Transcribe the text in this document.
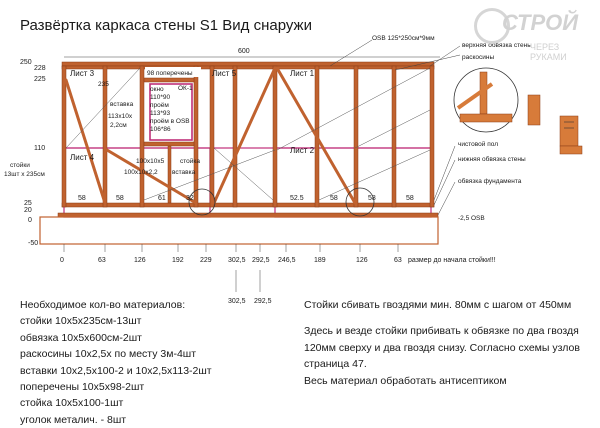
Развёртка каркаса стены S1 Вид снаружи
600
250
228
225
110
25
20
0
-50
Лист 3	Лист 5	Лист 1
Лист 4
Лист 2
98 поперечены
ОК-1
окно
110*90
проём
113*93
проём в OSB
106*86
вставка
113х10х
2,2см
235
стойки
13шт х 235см
100х10х5 стойка
100х10х2,2 вставка
58	58	61	32	52.5	58	58	58
OSB 125*250см*9мм
верхняя обвязка стены
раскосины
чистовой пол
нижняя обвязка стены
обвязка фундамента
-2,5 OSB
0	63	126	192 229 302,5 292,5 246,5	189	126	63 размер до начала стойки!!!
302,5 292,5
СТРОЙ
ЧЕРЕЗ
РУКАМИ

Необходимое кол-во материалов:

стойки 10х5х235см-13шт

обвязка 10х5х600см-2шт

раскосины 10х2,5х по месту 3м-4шт

вставки 10х2,5х100-2 и 10х2,5х113-2шт

поперечены 10х5х98-2шт

стойка 10х5х100-1шт

уголок металич. - 8шт

Стойки сбивать гвоздями мин. 80мм с шагом от 450мм

Здесь и везде стойки прибивать к обвязке по два гвоздя

120мм сверху и два гвоздя снизу. Согласно схемы узлов

страница 47.

Весь материал обработать антисептиком
